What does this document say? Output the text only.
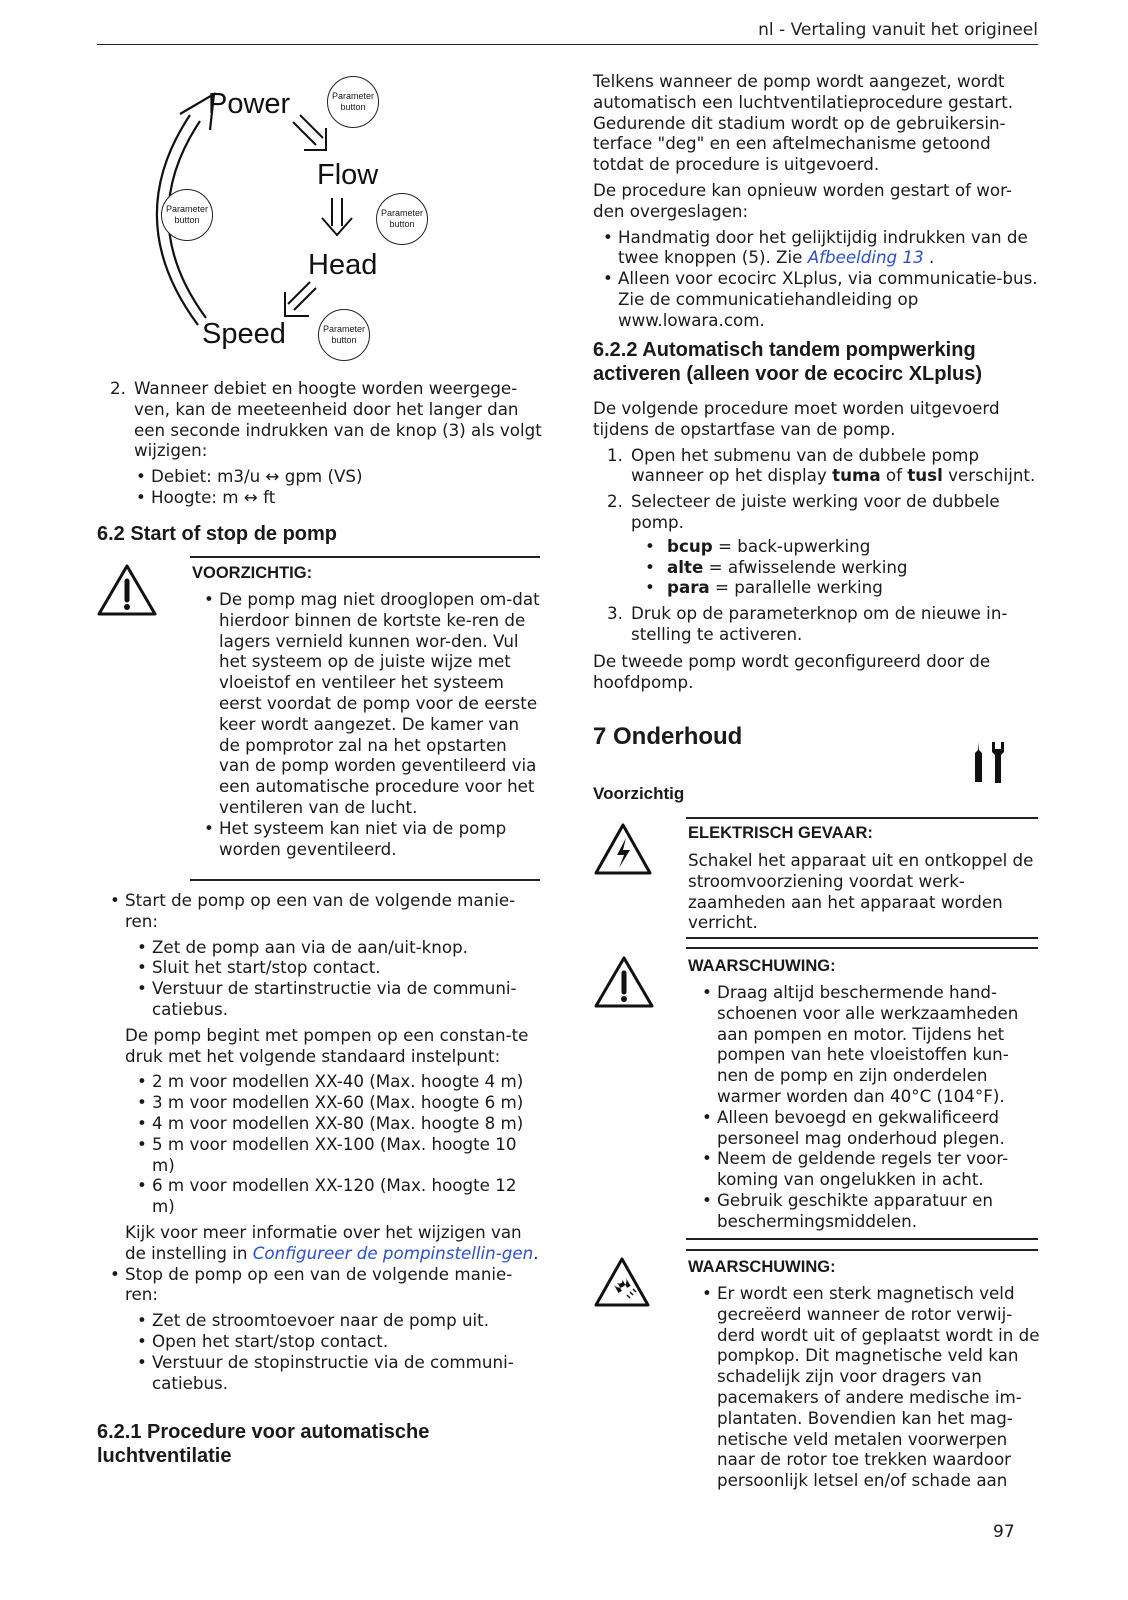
nl - Vertaling vanuit het origineel
Power
Flow
Head
Speed
Parameter
button
Parameter
button
Parameter
button
Parameter
button
2. Wanneer debiet en hoogte worden weergege-ven, kan de meeteenheid door het langer dan een seconde indrukken van de knop (3) als volgt wijzigen:
• Debiet: m3/u ↔ gpm (VS)
• Hoogte: m ↔ ft
6.2 Start of stop de pomp
VOORZICHTIG:
• De pomp mag niet drooglopen om-dat hierdoor binnen de kortste ke-ren de lagers vernield kunnen wor-den. Vul het systeem op de juiste wijze met vloeistof en ventileer het systeem eerst voordat de pomp voor de eerste keer wordt aangezet. De kamer van de pomprotor zal na het opstarten van de pomp worden geventileerd via een automatische procedure voor het ventileren van de lucht.
• Het systeem kan niet via de pomp worden geventileerd.
• Start de pomp op een van de volgende manie-ren:
• Zet de pomp aan via de aan/uit-knop.
• Sluit het start/stop contact.
• Verstuur de startinstructie via de communi-catiebus.
De pomp begint met pompen op een constan-te druk met het volgende standaard instelpunt:
• 2 m voor modellen XX-40 (Max. hoogte 4 m)
• 3 m voor modellen XX-60 (Max. hoogte 6 m)
• 4 m voor modellen XX-80 (Max. hoogte 8 m)
• 5 m voor modellen XX-100 (Max. hoogte 10 m)
• 6 m voor modellen XX-120 (Max. hoogte 12 m)
Kijk voor meer informatie over het wijzigen van de instelling in Configureer de pompinstellin-gen.
• Stop de pomp op een van de volgende manie-ren:
• Zet de stroomtoevoer naar de pomp uit.
• Open het start/stop contact.
• Verstuur de stopinstructie via de communi-catiebus.
6.2.1 Procedure voor automatische luchtventilatie
Telkens wanneer de pomp wordt aangezet, wordt automatisch een luchtventilatieprocedure gestart. Gedurende dit stadium wordt op de gebruikersin-terface "deg" en een aftelmechanisme getoond totdat de procedure is uitgevoerd.
De procedure kan opnieuw worden gestart of wor-den overgeslagen:
• Handmatig door het gelijktijdig indrukken van de twee knoppen (5). Zie Afbeelding 13 .
• Alleen voor ecocirc XLplus, via communicatie-bus. Zie de communicatiehandleiding op www.lowara.com.
6.2.2 Automatisch tandem pompwerking activeren (alleen voor de ecocirc XLplus)
De volgende procedure moet worden uitgevoerd tijdens de opstartfase van de pomp.
1. Open het submenu van de dubbele pomp wanneer op het display tuma of tusl verschijnt.
2. Selecteer de juiste werking voor de dubbele pomp.
• bcup = back-upwerking
• alte = afwisselende werking
• para = parallelle werking
3. Druk op de parameterknop om de nieuwe in-stelling te activeren.
De tweede pomp wordt geconfigureerd door de hoofdpomp.
7 Onderhoud
Voorzichtig
ELEKTRISCH GEVAAR:
Schakel het apparaat uit en ontkoppel de stroomvoorziening voordat werk-zaamheden aan het apparaat worden verricht.
WAARSCHUWING:
• Draag altijd beschermende hand-schoenen voor alle werkzaamheden aan pompen en motor. Tijdens het pompen van hete vloeistoffen kun-nen de pomp en zijn onderdelen warmer worden dan 40°C (104°F).
• Alleen bevoegd en gekwalificeerd personeel mag onderhoud plegen.
• Neem de geldende regels ter voor-koming van ongelukken in acht.
• Gebruik geschikte apparatuur en beschermingsmiddelen.
WAARSCHUWING:
• Er wordt een sterk magnetisch veld gecreëerd wanneer de rotor verwij-derd wordt uit of geplaatst wordt in de pompkop. Dit magnetische veld kan schadelijk zijn voor dragers van pacemakers of andere medische im-plantaten. Bovendien kan het mag-netische veld metalen voorwerpen naar de rotor toe trekken waardoor persoonlijk letsel en/of schade aan
97
